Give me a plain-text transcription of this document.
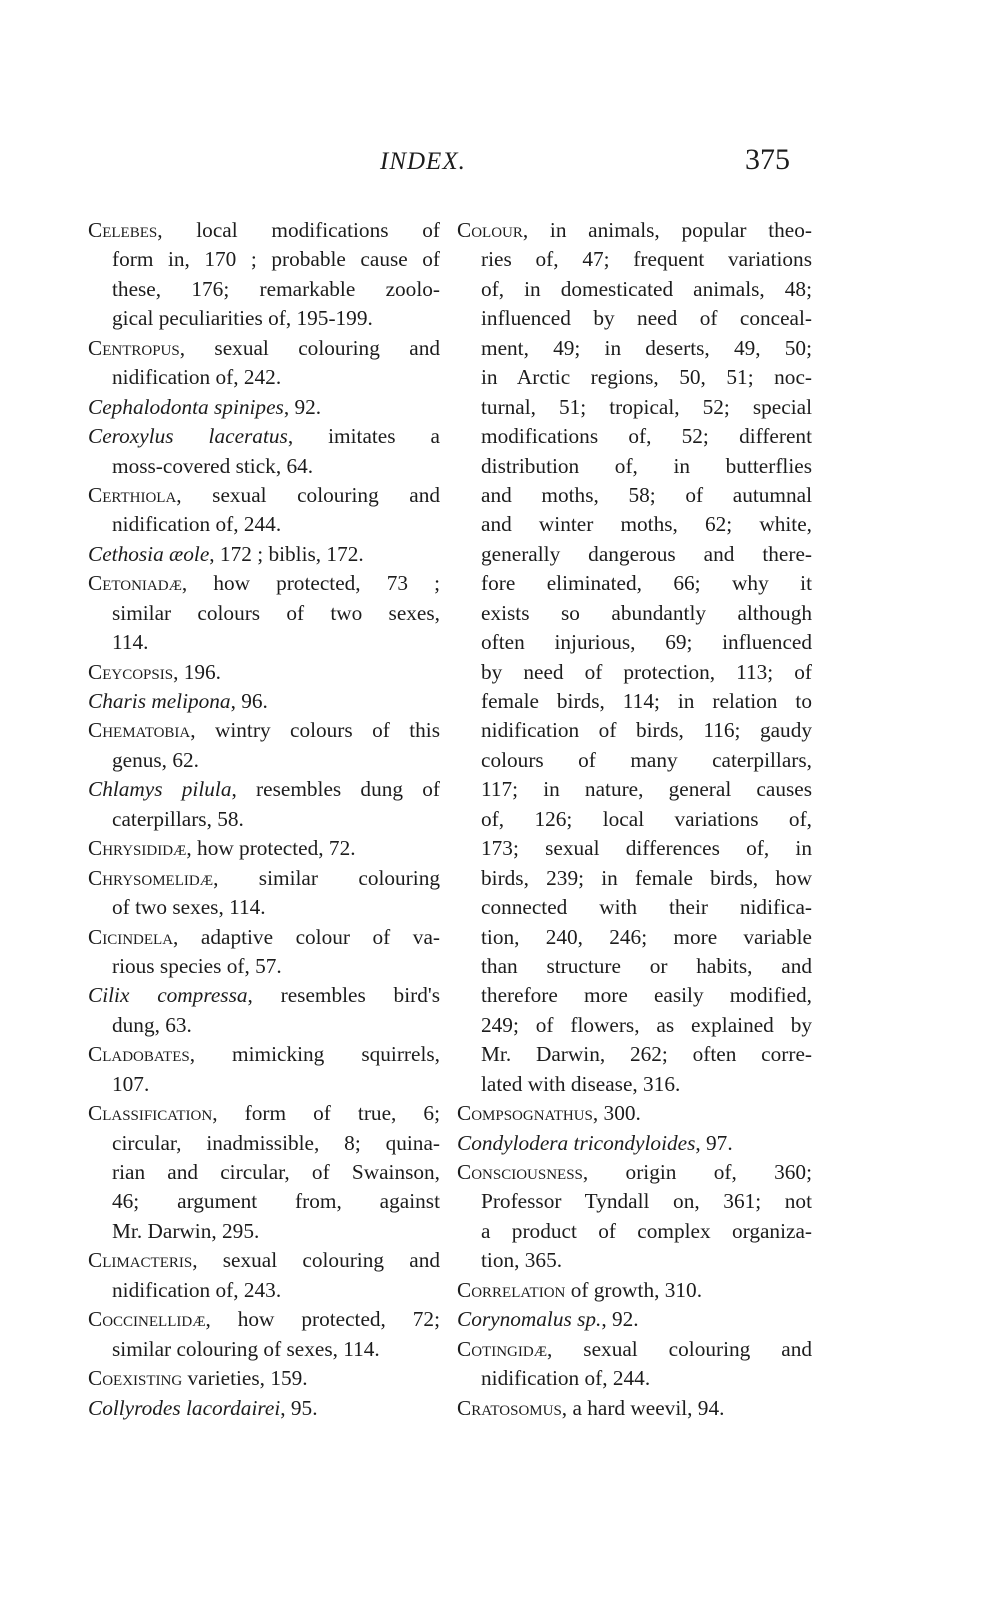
INDEX.	375
Celebes, local modifications of
form in, 170 ; probable cause of
these, 176; remarkable zoolo-
gical peculiarities of, 195-199.
Centropus, sexual colouring and
nidification of, 242.
Cephalodonta spinipes, 92.
Ceroxylus laceratus, imitates a
moss-covered stick, 64.
Certhiola, sexual colouring and
nidification of, 244.
Cethosia æole, 172 ; biblis, 172.
Cetoniadæ, how protected, 73 ;
similar colours of two sexes,
114.
Ceycopsis, 196.
Charis melipona, 96.
Chematobia, wintry colours of this
genus, 62.
Chlamys pilula, resembles dung of
caterpillars, 58.
Chrysididæ, how protected, 72.
Chrysomelidæ, similar colouring
of two sexes, 114.
Cicindela, adaptive colour of va-
rious species of, 57.
Cilix compressa, resembles bird's
dung, 63.
Cladobates, mimicking squirrels,
107.
Classification, form of true, 6;
circular, inadmissible, 8; quina-
rian and circular, of Swainson,
46; argument from, against
Mr. Darwin, 295.
Climacteris, sexual colouring and
nidification of, 243.
Coccinellidæ, how protected, 72;
similar colouring of sexes, 114.
Coexisting varieties, 159.
Collyrodes lacordairei, 95.
Colour, in animals, popular theo-
ries of, 47; frequent variations
of, in domesticated animals, 48;
influenced by need of conceal-
ment, 49; in deserts, 49, 50;
in Arctic regions, 50, 51; noc-
turnal, 51; tropical, 52; special
modifications of, 52; different
distribution of, in butterflies
and moths, 58; of autumnal
and winter moths, 62; white,
generally dangerous and there-
fore eliminated, 66; why it
exists so abundantly although
often injurious, 69; influenced
by need of protection, 113; of
female birds, 114; in relation to
nidification of birds, 116; gaudy
colours of many caterpillars,
117; in nature, general causes
of, 126; local variations of,
173; sexual differences of, in
birds, 239; in female birds, how
connected with their nidifica-
tion, 240, 246; more variable
than structure or habits, and
therefore more easily modified,
249; of flowers, as explained by
Mr. Darwin, 262; often corre-
lated with disease, 316.
Compsognathus, 300.
Condylodera tricondyloides, 97.
Consciousness, origin of, 360;
Professor Tyndall on, 361; not
a product of complex organiza-
tion, 365.
Correlation of growth, 310.
Corynomalus sp., 92.
Cotingidæ, sexual colouring and
nidification of, 244.
Cratosomus, a hard weevil, 94.
